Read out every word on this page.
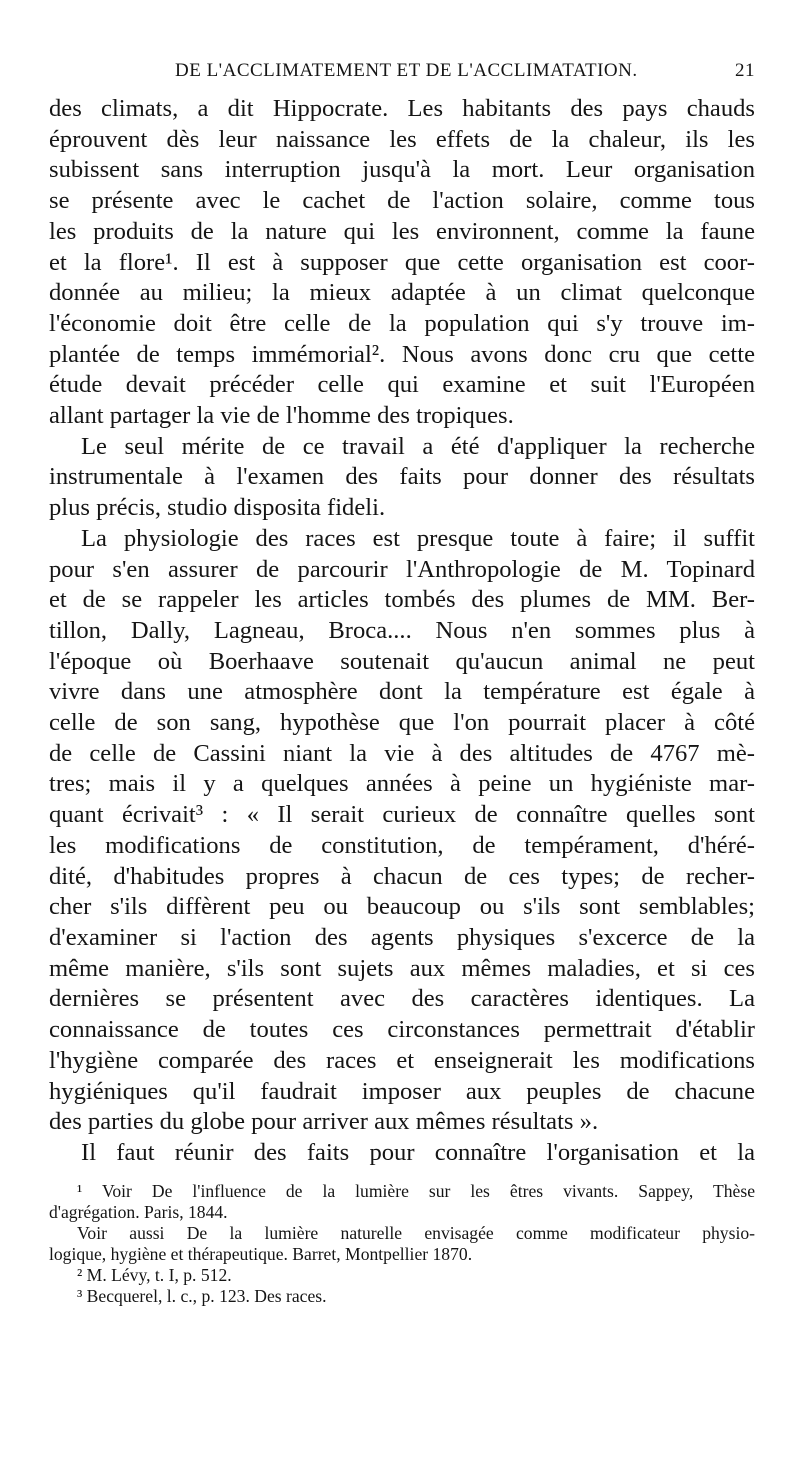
DE L'ACCLIMATEMENT ET DE L'ACCLIMATATION.	21
des climats, a dit Hippocrate. Les habitants des pays chauds
éprouvent dès leur naissance les effets de la chaleur, ils les
subissent sans interruption jusqu'à la mort. Leur organisation
se présente avec le cachet de l'action solaire, comme tous
les produits de la nature qui les environnent, comme la faune
et la flore¹. Il est à supposer que cette organisation est coor-
donnée au milieu; la mieux adaptée à un climat quelconque
l'économie doit être celle de la population qui s'y trouve im-
plantée de temps immémorial². Nous avons donc cru que cette
étude devait précéder celle qui examine et suit l'Européen
allant partager la vie de l'homme des tropiques.
Le seul mérite de ce travail a été d'appliquer la recherche
instrumentale à l'examen des faits pour donner des résultats
plus précis, studio disposita fideli.
La physiologie des races est presque toute à faire; il suffit
pour s'en assurer de parcourir l'Anthropologie de M. Topinard
et de se rappeler les articles tombés des plumes de MM. Ber-
tillon, Dally, Lagneau, Broca.... Nous n'en sommes plus à
l'époque où Boerhaave soutenait qu'aucun animal ne peut
vivre dans une atmosphère dont la température est égale à
celle de son sang, hypothèse que l'on pourrait placer à côté
de celle de Cassini niant la vie à des altitudes de 4767 mè-
tres; mais il y a quelques années à peine un hygiéniste mar-
quant écrivait³ : « Il serait curieux de connaître quelles sont
les modifications de constitution, de tempérament, d'héré-
dité, d'habitudes propres à chacun de ces types; de recher-
cher s'ils diffèrent peu ou beaucoup ou s'ils sont semblables;
d'examiner si l'action des agents physiques s'excerce de la
même manière, s'ils sont sujets aux mêmes maladies, et si ces
dernières se présentent avec des caractères identiques. La
connaissance de toutes ces circonstances permettrait d'établir
l'hygiène comparée des races et enseignerait les modifications
hygiéniques qu'il faudrait imposer aux peuples de chacune
des parties du globe pour arriver aux mêmes résultats ».
Il faut réunir des faits pour connaître l'organisation et la
¹ Voir De l'influence de la lumière sur les êtres vivants. Sappey, Thèse
d'agrégation. Paris, 1844.
Voir aussi De la lumière naturelle envisagée comme modificateur physio-
logique, hygiène et thérapeutique. Barret, Montpellier 1870.
² M. Lévy, t. I, p. 512.
³ Becquerel, l. c., p. 123. Des races.
